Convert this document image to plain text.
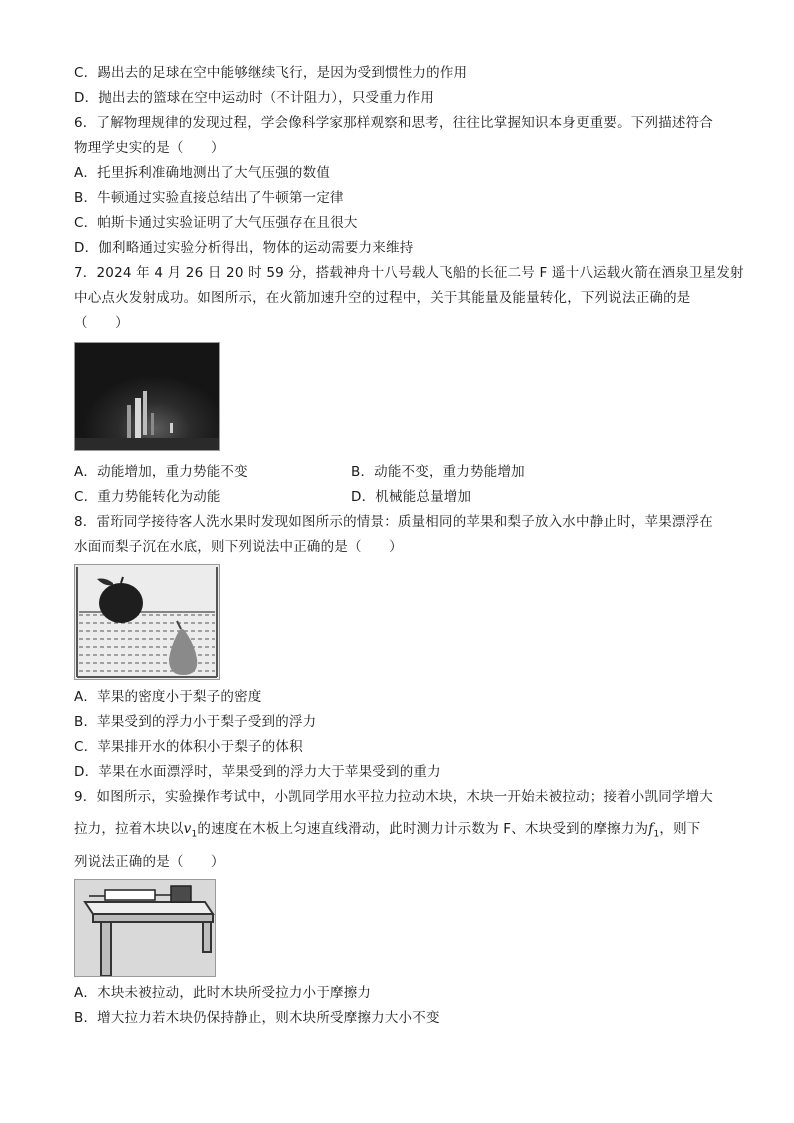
C．踢出去的足球在空中能够继续飞行，是因为受到惯性力的作用
D．抛出去的篮球在空中运动时（不计阻力），只受重力作用
6．了解物理规律的发现过程，学会像科学家那样观察和思考，往往比掌握知识本身更重要。下列描述符合
物理学史实的是（　　）
A．托里拆利准确地测出了大气压强的数值
B．牛顿通过实验直接总结出了牛顿第一定律
C．帕斯卡通过实验证明了大气压强存在且很大
D．伽利略通过实验分析得出，物体的运动需要力来维持
7．2024 年 4 月 26 日 20 时 59 分，搭载神舟十八号载人飞船的长征二号 F 遥十八运载火箭在酒泉卫星发射
中心点火发射成功。如图所示，在火箭加速升空的过程中，关于其能量及能量转化，下列说法正确的是
（　　）
A．动能增加，重力势能不变	B．动能不变，重力势能增加
C．重力势能转化为动能	D．机械能总量增加
8．雷珩同学接待客人洗水果时发现如图所示的情景：质量相同的苹果和梨子放入水中静止时，苹果漂浮在
水面而梨子沉在水底，则下列说法中正确的是（　　）
A．苹果的密度小于梨子的密度
B．苹果受到的浮力小于梨子受到的浮力
C．苹果排开水的体积小于梨子的体积
D．苹果在水面漂浮时，苹果受到的浮力大于苹果受到的重力
9．如图所示，实验操作考试中，小凯同学用水平拉力拉动木块，木块一开始未被拉动；接着小凯同学增大
拉力，拉着木块以$v_1$的速度在木板上匀速直线滑动，此时测力计示数为 F、木块受到的摩擦力为$f_1$，则下
列说法正确的是（　　）
A．木块未被拉动，此时木块所受拉力小于摩擦力
B．增大拉力若木块仍保持静止，则木块所受摩擦力大小不变
